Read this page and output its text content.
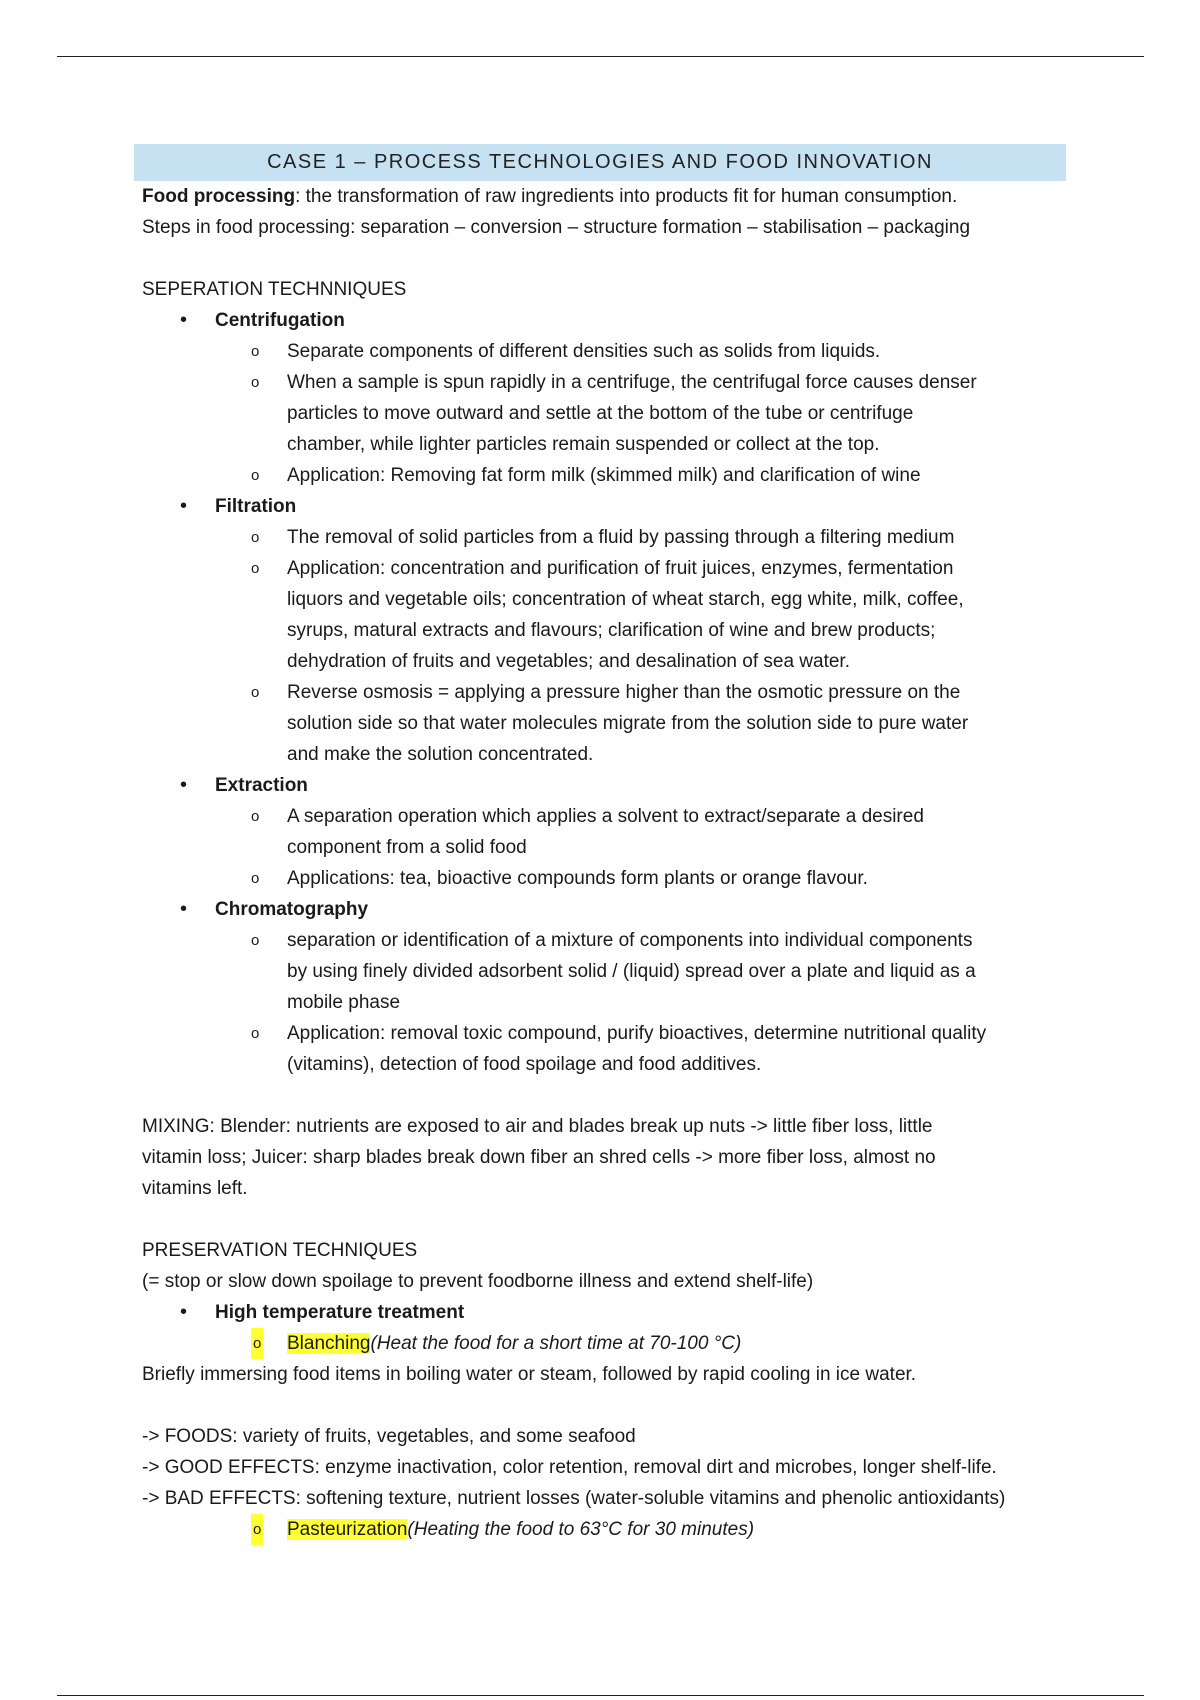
CASE 1 – PROCESS TECHNOLOGIES AND FOOD INNOVATION
Food processing: the transformation of raw ingredients into products fit for human consumption.
Steps in food processing: separation – conversion – structure formation – stabilisation – packaging
SEPERATION TECHNNIQUES
• Centrifugation
o Separate components of different densities such as solids from liquids.
o When a sample is spun rapidly in a centrifuge, the centrifugal force causes denser
particles to move outward and settle at the bottom of the tube or centrifuge
chamber, while lighter particles remain suspended or collect at the top.
o Application: Removing fat form milk (skimmed milk) and clarification of wine
• Filtration
o The removal of solid particles from a fluid by passing through a filtering medium
o Application: concentration and purification of fruit juices, enzymes, fermentation
liquors and vegetable oils; concentration of wheat starch, egg white, milk, coffee,
syrups, matural extracts and flavours; clarification of wine and brew products;
dehydration of fruits and vegetables; and desalination of sea water.
o Reverse osmosis = applying a pressure higher than the osmotic pressure on the
solution side so that water molecules migrate from the solution side to pure water
and make the solution concentrated.
• Extraction
o A separation operation which applies a solvent to extract/separate a desired
component from a solid food
o Applications: tea, bioactive compounds form plants or orange flavour.
• Chromatography
o separation or identification of a mixture of components into individual components
by using finely divided adsorbent solid / (liquid) spread over a plate and liquid as a
mobile phase
o Application: removal toxic compound, purify bioactives, determine nutritional quality
(vitamins), detection of food spoilage and food additives.
MIXING: Blender: nutrients are exposed to air and blades break up nuts -> little fiber loss, little
vitamin loss; Juicer: sharp blades break down fiber an shred cells -> more fiber loss, almost no
vitamins left.
PRESERVATION TECHNIQUES
(= stop or slow down spoilage to prevent foodborne illness and extend shelf-life)
• High temperature treatment
o Blanching(Heat the food for a short time at 70-100 °C)
Briefly immersing food items in boiling water or steam, followed by rapid cooling in ice water.
-> FOODS: variety of fruits, vegetables, and some seafood
-> GOOD EFFECTS: enzyme inactivation, color retention, removal dirt and microbes, longer shelf-life.
-> BAD EFFECTS: softening texture, nutrient losses (water-soluble vitamins and phenolic antioxidants)
o Pasteurization(Heating the food to 63°C for 30 minutes)
